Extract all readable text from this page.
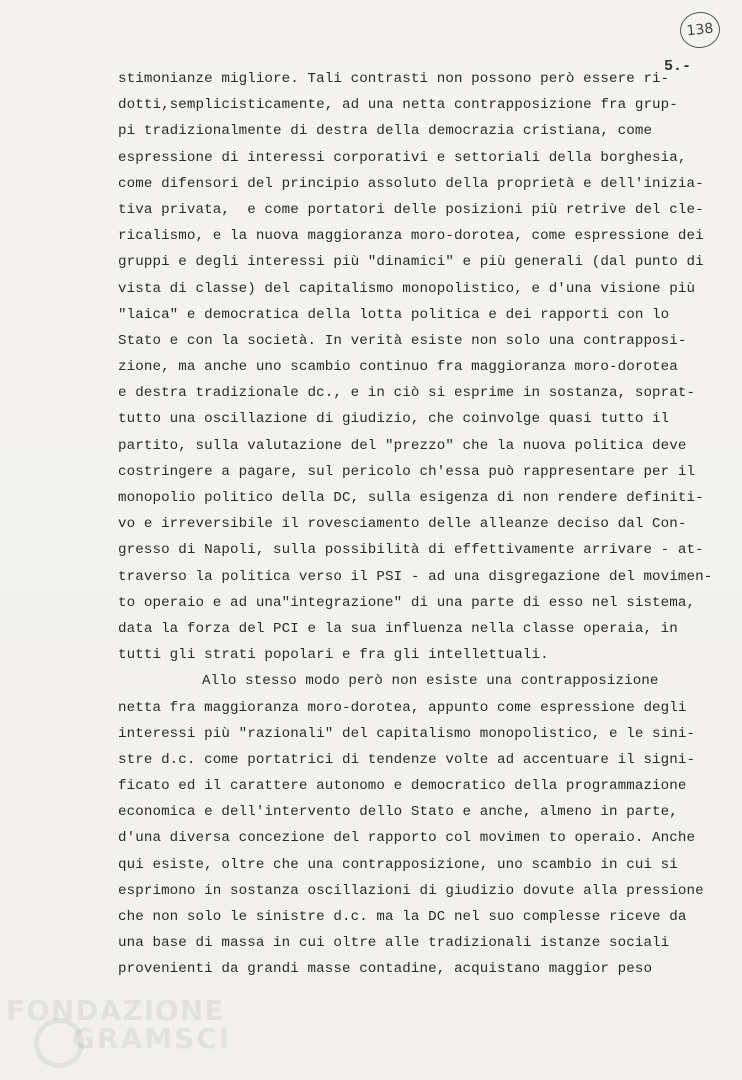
138
5.-
stimonianze migliore. Tali contrasti non possono però essere ri-
dotti,semplicisticamente, ad una netta contrapposizione fra grup-
pi tradizionalmente di destra della democrazia cristiana, come
espressione di interessi corporativi e settoriali della borghesia,
come difensori del principio assoluto della proprietà e dell'inizia-
tiva privata,  e come portatori delle posizioni più retrive del cle-
ricalismo, e la nuova maggioranza moro-dorotea, come espressione dei
gruppi e degli interessi più "dinamici" e più generali (dal punto di
vista di classe) del capitalismo monopolistico, e d'una visione più
"laica" e democratica della lotta politica e dei rapporti con lo
Stato e con la società. In verità esiste non solo una contrapposi-
zione, ma anche uno scambio continuo fra maggioranza moro-dorotea
e destra tradizionale dc., e in ciò si esprime in sostanza, soprat-
tutto una oscillazione di giudizio, che coinvolge quasi tutto il
partito, sulla valutazione del "prezzo" che la nuova politica deve
costringere a pagare, sul pericolo ch'essa può rappresentare per il
monopolio politico della DC, sulla esigenza di non rendere definiti-
vo e irreversibile il rovesciamento delle alleanze deciso dal Con-
gresso di Napoli, sulla possibilità di effettivamente arrivare - at-
traverso la politica verso il PSI - ad una disgregazione del movimen-
to operaio e ad una"integrazione" di una parte di esso nel sistema,
data la forza del PCI e la sua influenza nella classe operaia, in
tutti gli strati popolari e fra gli intellettuali.
Allo stesso modo però non esiste una contrapposizione
netta fra maggioranza moro-dorotea, appunto come espressione degli
interessi più "razionali" del capitalismo monopolistico, e le sini-
stre d.c. come portatrici di tendenze volte ad accentuare il signi-
ficato ed il carattere autonomo e democratico della programmazione
economica e dell'intervento dello Stato e anche, almeno in parte,
d'una diversa concezione del rapporto col movimen to operaio. Anche
qui esiste, oltre che una contrapposizione, uno scambio in cui si
esprimono in sostanza oscillazioni di giudizio dovute alla pressione
che non solo le sinistre d.c. ma la DC nel suo complesse riceve da
una base di massa in cui oltre alle tradizionali istanze sociali
provenienti da grandi masse contadine, acquistano maggior peso
FONDAZIONE
GRAMSCI
